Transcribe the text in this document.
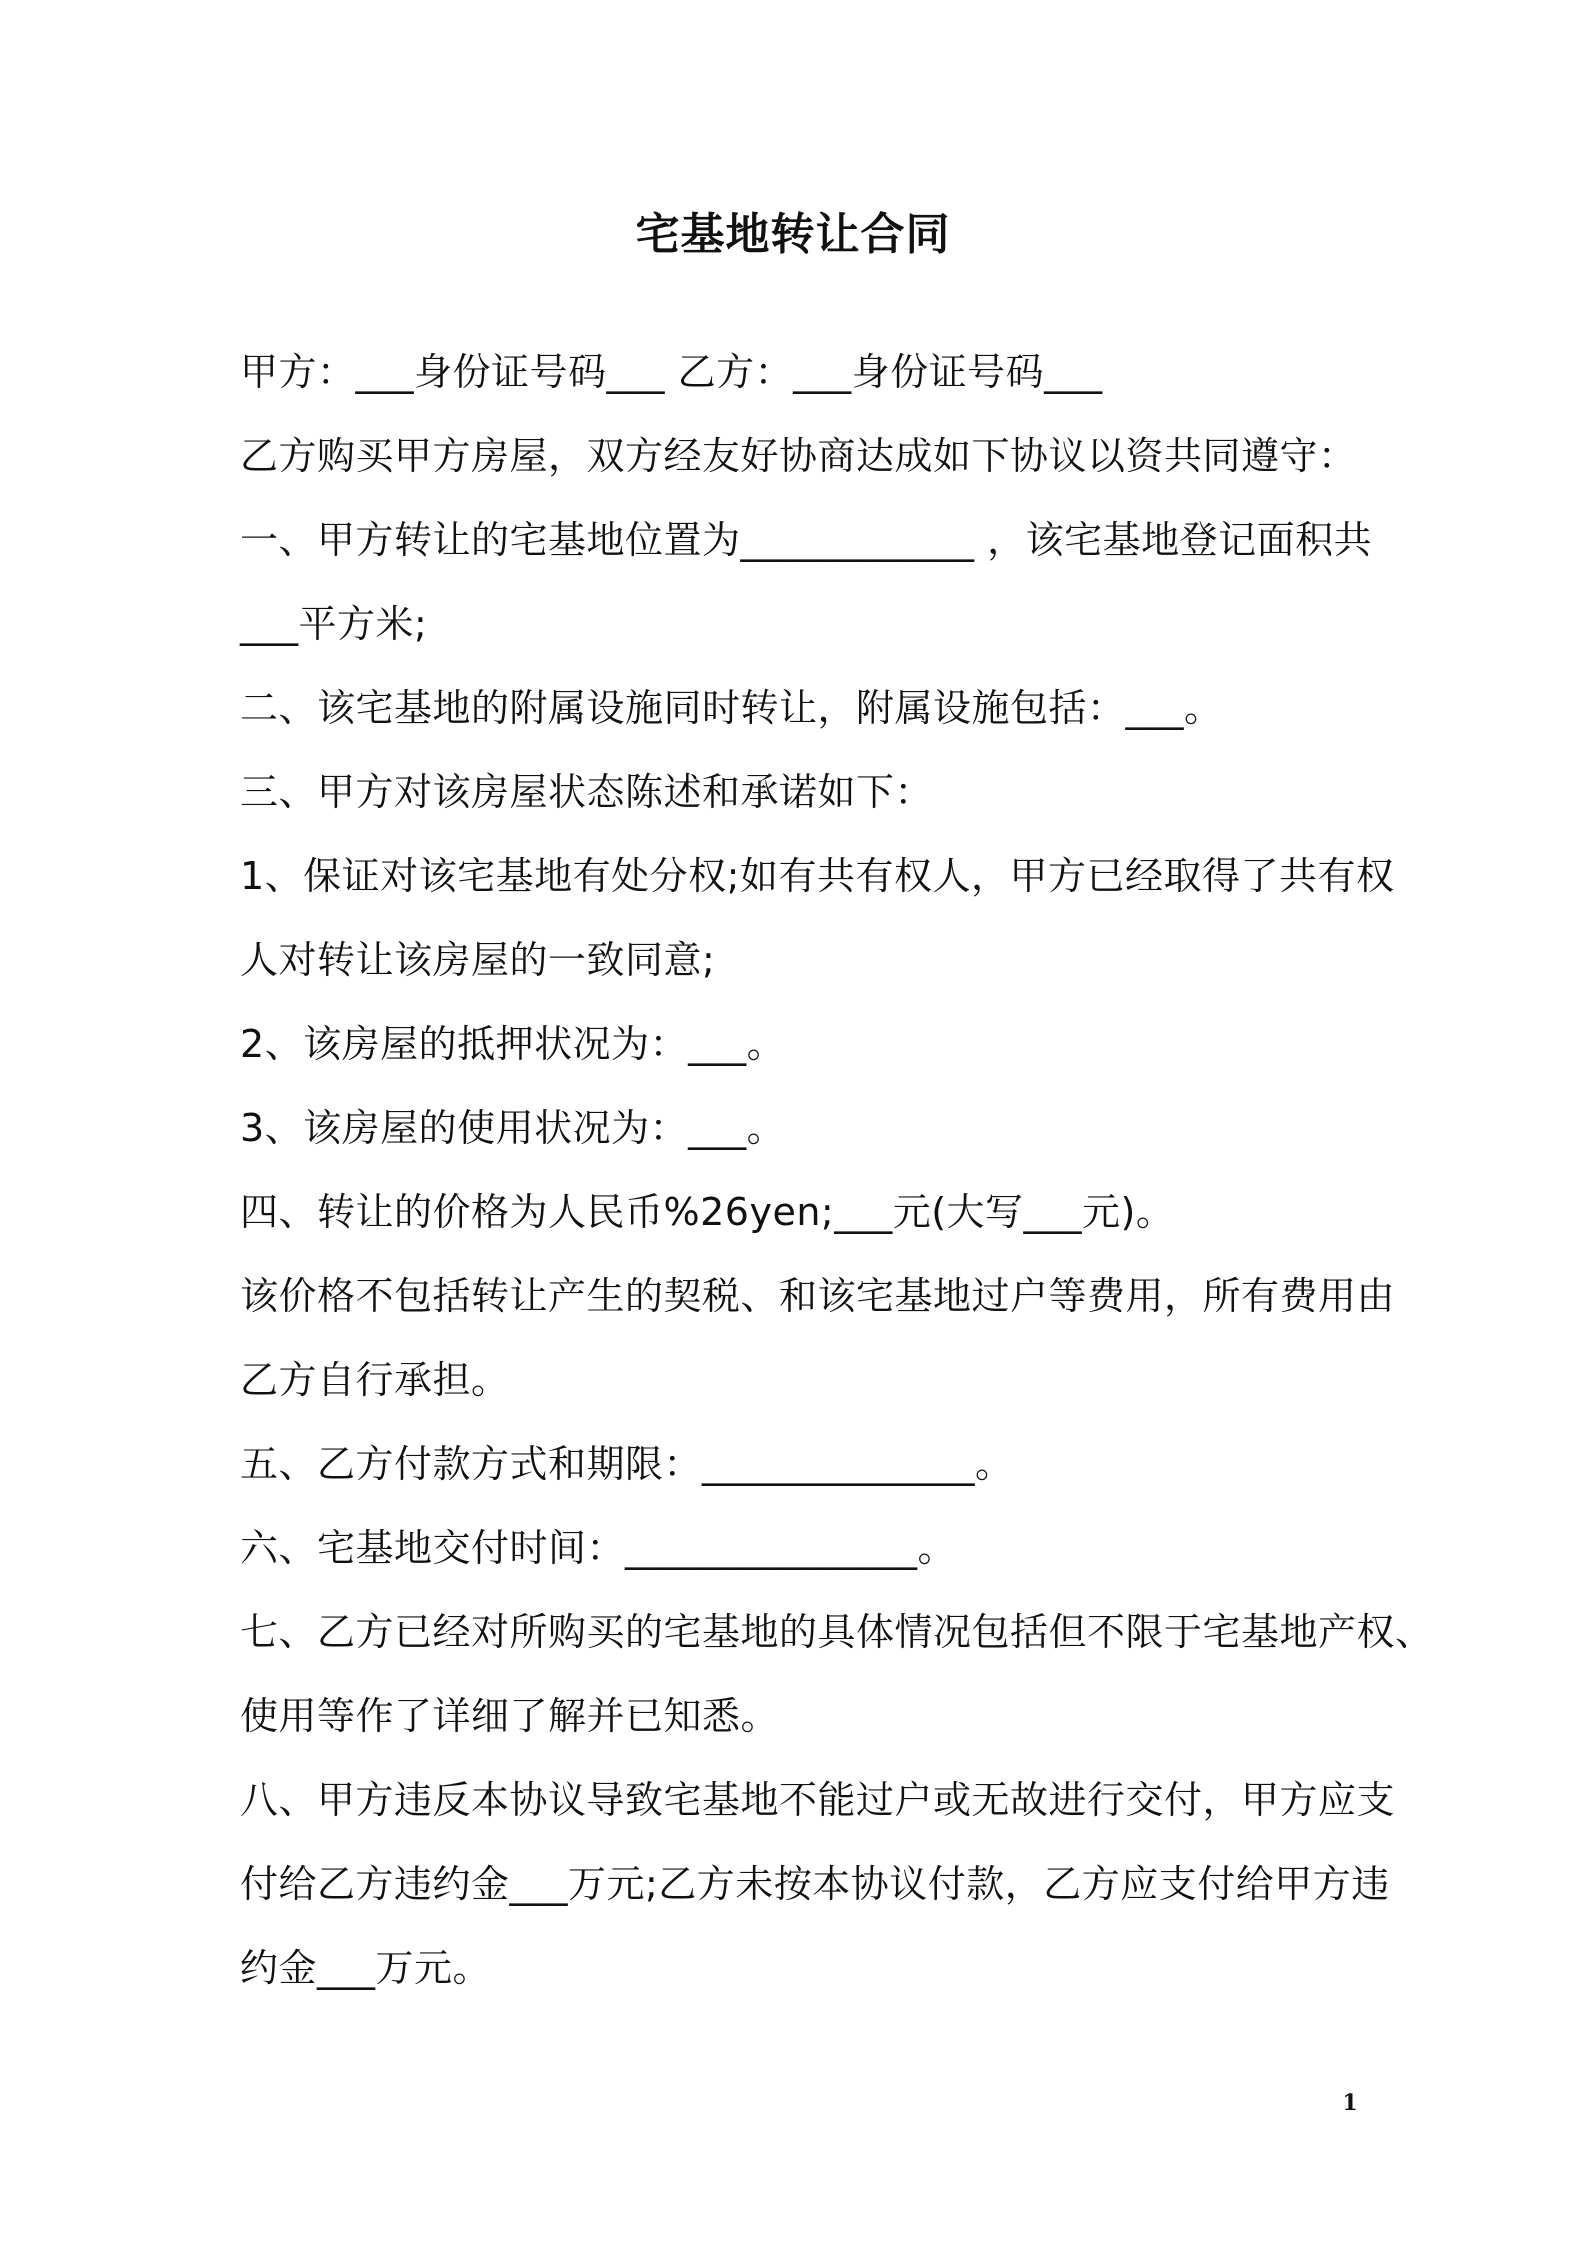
宅基地转让合同
甲方：___身份证号码___ 乙方：___身份证号码___
乙方购买甲方房屋，双方经友好协商达成如下协议以资共同遵守：
一、甲方转让的宅基地位置为____________ ，该宅基地登记面积共
___平方米;
二、该宅基地的附属设施同时转让，附属设施包括：___。
三、甲方对该房屋状态陈述和承诺如下：
1、保证对该宅基地有处分权;如有共有权人，甲方已经取得了共有权
人对转让该房屋的一致同意;
2、该房屋的抵押状况为：___。
3、该房屋的使用状况为：___。
四、转让的价格为人民币%26yen;___元(大写___元)。
该价格不包括转让产生的契税、和该宅基地过户等费用，所有费用由
乙方自行承担。
五、乙方付款方式和期限：______________。
六、宅基地交付时间：_______________。
七、乙方已经对所购买的宅基地的具体情况包括但不限于宅基地产权、
使用等作了详细了解并已知悉。
八、甲方违反本协议导致宅基地不能过户或无故进行交付，甲方应支
付给乙方违约金___万元;乙方未按本协议付款，乙方应支付给甲方违
约金___万元。
1
